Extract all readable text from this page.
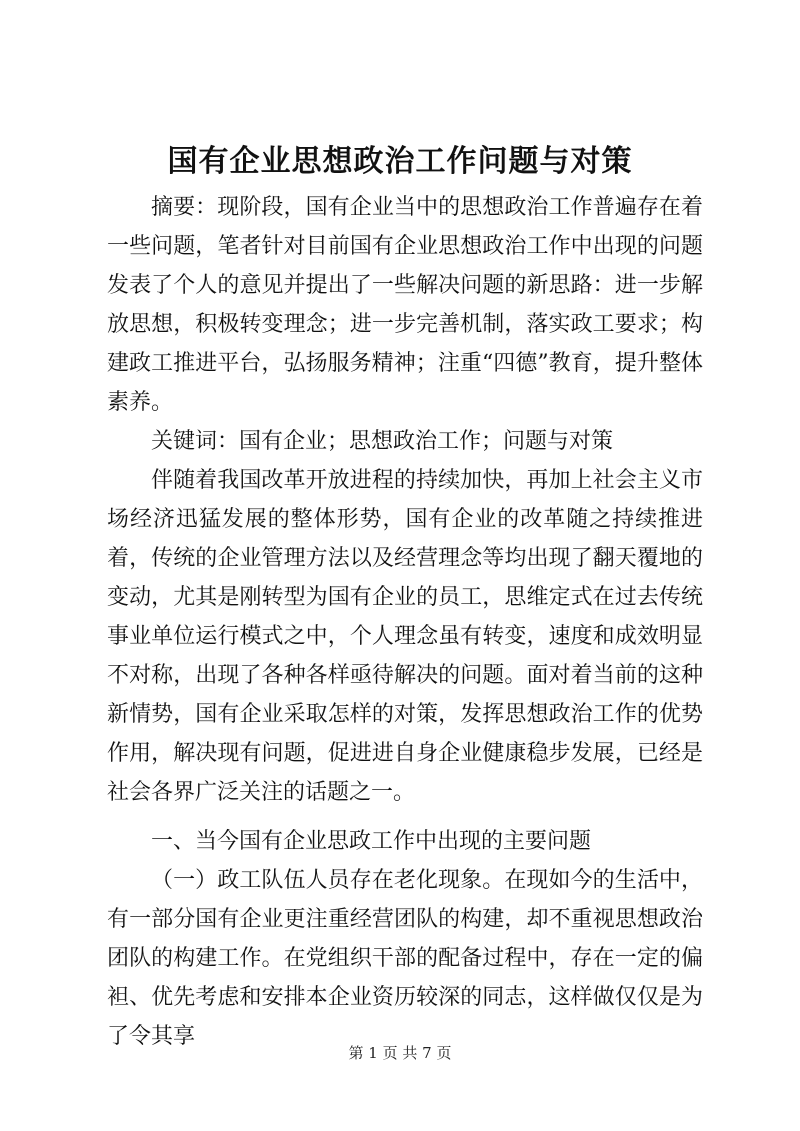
国有企业思想政治工作问题与对策

摘要：现阶段，国有企业当中的思想政治工作普遍存在着一些问题，笔者针对目前国有企业思想政治工作中出现的问题发表了个人的意见并提出了一些解决问题的新思路：进一步解放思想，积极转变理念；进一步完善机制，落实政工要求；构建政工推进平台，弘扬服务精神；注重“四德”教育，提升整体素养。

关键词：国有企业；思想政治工作；问题与对策

伴随着我国改革开放进程的持续加快，再加上社会主义市场经济迅猛发展的整体形势，国有企业的改革随之持续推进着，传统的企业管理方法以及经营理念等均出现了翻天覆地的变动，尤其是刚转型为国有企业的员工，思维定式在过去传统事业单位运行模式之中，个人理念虽有转变，速度和成效明显不对称，出现了各种各样亟待解决的问题。面对着当前的这种新情势，国有企业采取怎样的对策，发挥思想政治工作的优势作用，解决现有问题，促进进自身企业健康稳步发展，已经是社会各界广泛关注的话题之一。

一、当今国有企业思政工作中出现的主要问题

（一）政工队伍人员存在老化现象。在现如今的生活中，有一部分国有企业更注重经营团队的构建，却不重视思想政治团队的构建工作。在党组织干部的配备过程中，存在一定的偏袒、优先考虑和安排本企业资历较深的同志，这样做仅仅是为了令其享

第 1 页 共 7 页
